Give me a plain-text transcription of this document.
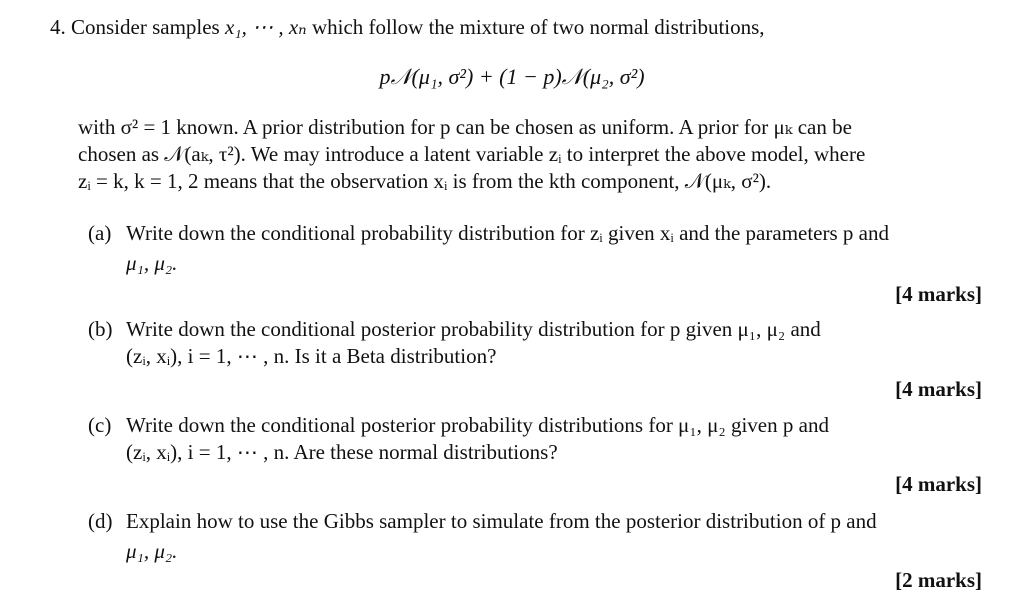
4. Consider samples x₁, ⋯ , xₙ which follow the mixture of two normal distributions,
p𝒩(μ₁, σ²) + (1 − p)𝒩(μ₂, σ²)
with σ² = 1 known. A prior distribution for p can be chosen as uniform. A prior for μₖ can be
chosen as 𝒩(aₖ, τ²). We may introduce a latent variable zᵢ to interpret the above model, where
zᵢ = k, k = 1, 2 means that the observation xᵢ is from the kth component, 𝒩(μₖ, σ²).
(a) Write down the conditional probability distribution for zᵢ given xᵢ and the parameters p and
μ₁, μ₂.
[4 marks]
(b) Write down the conditional posterior probability distribution for p given μ₁, μ₂ and
(zᵢ, xᵢ), i = 1, ⋯ , n. Is it a Beta distribution?
[4 marks]
(c) Write down the conditional posterior probability distributions for μ₁, μ₂ given p and
(zᵢ, xᵢ), i = 1, ⋯ , n. Are these normal distributions?
[4 marks]
(d) Explain how to use the Gibbs sampler to simulate from the posterior distribution of p and
μ₁, μ₂.
[2 marks]
